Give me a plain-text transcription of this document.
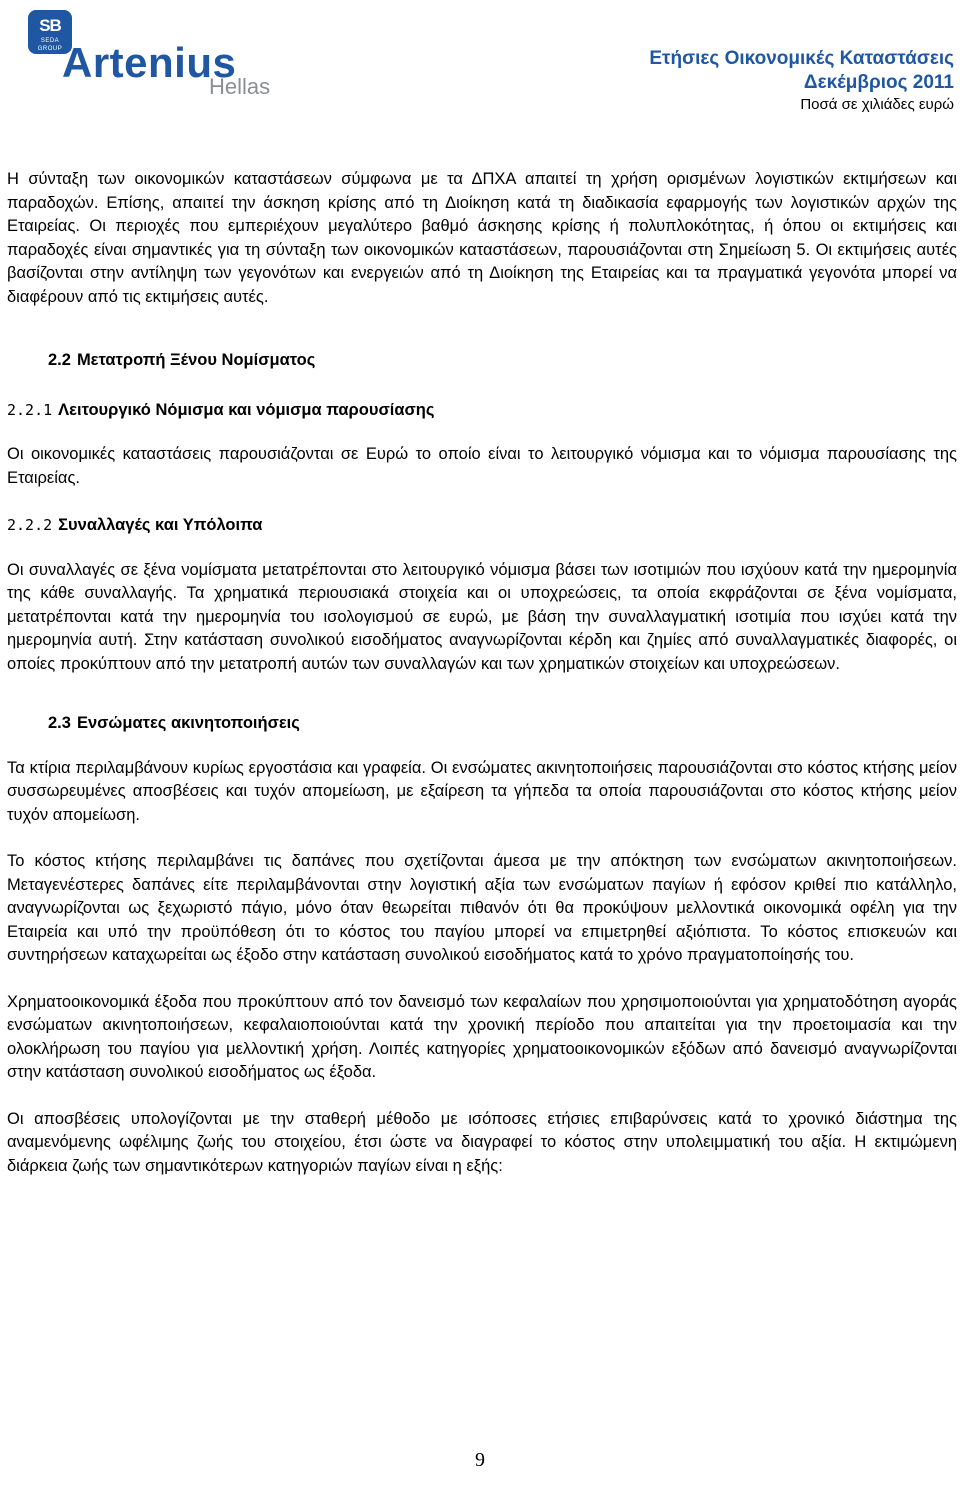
SB
SEDA GROUP Artenius
Hellas
Ετήσιες Οικονομικές Καταστάσεις
Δεκέμβριος 2011
Ποσά σε χιλιάδες ευρώ

Η σύνταξη των οικονομικών καταστάσεων σύμφωνα με τα ΔΠΧΑ απαιτεί τη χρήση ορισμένων λογιστικών εκτιμήσεων και παραδοχών. Επίσης, απαιτεί την άσκηση κρίσης από τη Διοίκηση κατά τη διαδικασία εφαρμογής των λογιστικών αρχών της Εταιρείας. Οι περιοχές που εμπεριέχουν μεγαλύτερο βαθμό άσκησης κρίσης ή πολυπλοκότητας, ή όπου οι εκτιμήσεις και παραδοχές είναι σημαντικές για τη σύνταξη των οικονομικών καταστάσεων, παρουσιάζονται στη Σημείωση 5. Οι εκτιμήσεις αυτές βασίζονται στην αντίληψη των γεγονότων και ενεργειών από τη Διοίκηση της Εταιρείας και τα πραγματικά γεγονότα μπορεί να διαφέρουν από τις εκτιμήσεις αυτές.

2.2 Μετατροπή Ξένου Νομίσματος
2.2.1 Λειτουργικό Νόμισμα και νόμισμα παρουσίασης

Οι οικονομικές καταστάσεις παρουσιάζονται σε Ευρώ το οποίο είναι το λειτουργικό νόμισμα και το νόμισμα παρουσίασης της Εταιρείας.

2.2.2 Συναλλαγές και Υπόλοιπα

Οι συναλλαγές σε ξένα νομίσματα μετατρέπονται στο λειτουργικό νόμισμα βάσει των ισοτιμιών που ισχύουν κατά την ημερομηνία της κάθε συναλλαγής. Τα χρηματικά περιουσιακά στοιχεία και οι υποχρεώσεις, τα οποία εκφράζονται σε ξένα νομίσματα, μετατρέπονται κατά την ημερομηνία του ισολογισμού σε ευρώ, με βάση την συναλλαγματική ισοτιμία που ισχύει κατά την ημερομηνία αυτή. Στην κατάσταση συνολικού εισοδήματος αναγνωρίζονται κέρδη και ζημίες από συναλλαγματικές διαφορές, οι οποίες προκύπτουν από την μετατροπή αυτών των συναλλαγών και των χρηματικών στοιχείων και υποχρεώσεων.

2.3 Ενσώματες ακινητοποιήσεις

Τα κτίρια περιλαμβάνουν κυρίως εργοστάσια και γραφεία. Οι ενσώματες ακινητοποιήσεις παρουσιάζονται στο κόστος κτήσης μείον συσσωρευμένες αποσβέσεις και τυχόν απομείωση, με εξαίρεση τα γήπεδα τα οποία παρουσιάζονται στο κόστος κτήσης μείον τυχόν απομείωση.

Το κόστος κτήσης περιλαμβάνει τις δαπάνες που σχετίζονται άμεσα με την απόκτηση των ενσώματων ακινητοποιήσεων. Μεταγενέστερες δαπάνες είτε περιλαμβάνονται στην λογιστική αξία των ενσώματων παγίων ή εφόσον κριθεί πιο κατάλληλο, αναγνωρίζονται ως ξεχωριστό πάγιο, μόνο όταν θεωρείται πιθανόν ότι θα προκύψουν μελλοντικά οικονομικά οφέλη για την Εταιρεία και υπό την προϋπόθεση ότι το κόστος του παγίου μπορεί να επιμετρηθεί αξιόπιστα. Το κόστος επισκευών και συντηρήσεων καταχωρείται ως έξοδο στην κατάσταση συνολικού εισοδήματος κατά το χρόνο πραγματοποίησής του.

Χρηματοοικονομικά έξοδα που προκύπτουν από τον δανεισμό των κεφαλαίων που χρησιμοποιούνται για χρηματοδότηση αγοράς ενσώματων ακινητοποιήσεων, κεφαλαιοποιούνται κατά την χρονική περίοδο που απαιτείται για την προετοιμασία και την ολοκλήρωση του παγίου για μελλοντική χρήση. Λοιπές κατηγορίες χρηματοοικονομικών εξόδων από δανεισμό αναγνωρίζονται στην κατάσταση συνολικού εισοδήματος ως έξοδα.

Οι αποσβέσεις υπολογίζονται με την σταθερή μέθοδο με ισόποσες ετήσιες επιβαρύνσεις κατά το χρονικό διάστημα της αναμενόμενης ωφέλιμης ζωής του στοιχείου, έτσι ώστε να διαγραφεί το κόστος στην υπολειμματική του αξία. Η εκτιμώμενη διάρκεια ζωής των σημαντικότερων κατηγοριών παγίων είναι η εξής:

9
